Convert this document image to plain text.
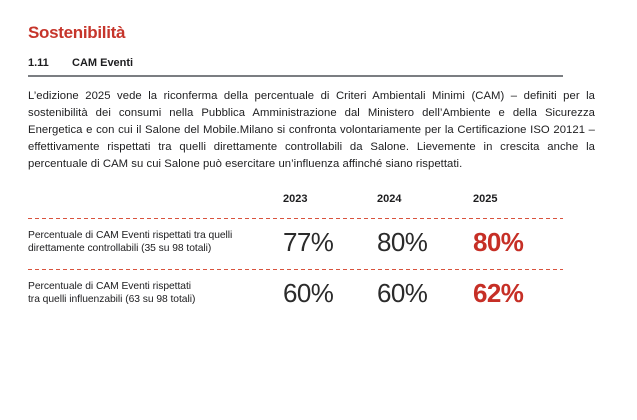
Sostenibilità
1.11 CAM Eventi

L’edizione 2025 vede la riconferma della percentuale di Criteri Ambientali Minimi (CAM) – definiti per la sostenibilità dei consumi nella Pubblica Amministrazione dal Ministero dell’Ambiente e della Sicurezza Energetica e con cui il Salone del Mobile.Milano si confronta volontariamente per la Certificazione ISO 20121 – effettivamente rispettati tra quelli direttamente controllabili da Salone. Lievemente in crescita anche la percentuale di CAM su cui Salone può esercitare un’influenza affinché siano rispettati.

2023	2024	2025
Percentuale di CAM Eventi rispettati tra quelli
direttamente controllabili (35 su 98 totali)	77%	80%	80%
Percentuale di CAM Eventi rispettati
tra quelli influenzabili (63 su 98 totali)	60%	60%	62%
